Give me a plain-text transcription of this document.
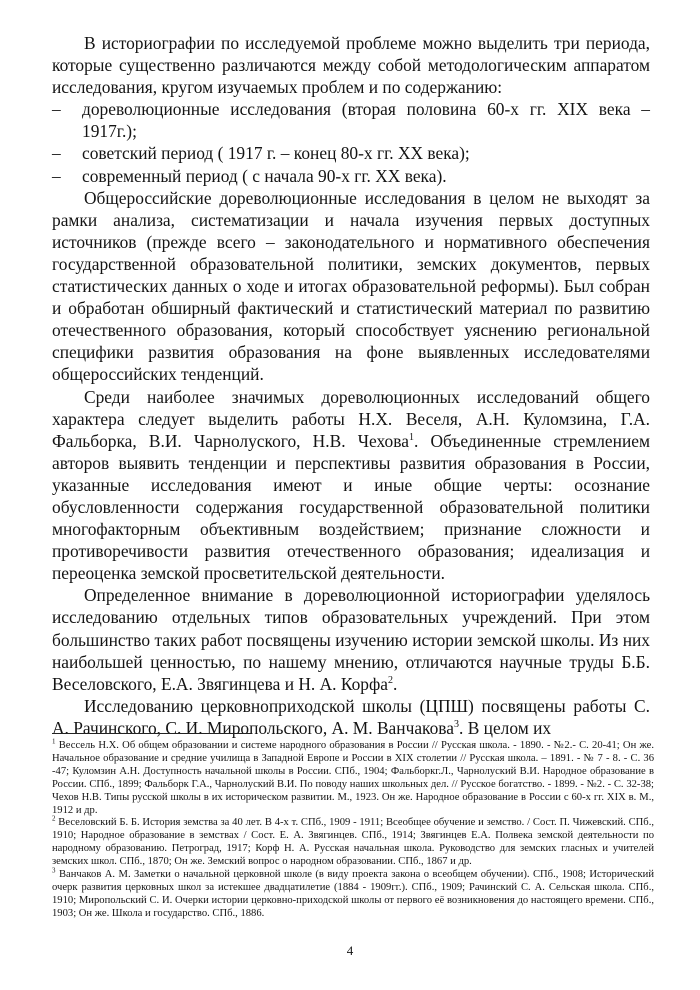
В историографии по исследуемой проблеме можно выделить три периода, которые существенно различаются между собой методологическим аппаратом исследования, кругом изучаемых проблем и по содержанию:

– дореволюционные исследования (вторая половина 60-х гг. XIX века – 1917г.);
– советский период ( 1917 г. – конец 80-х гг. XX века);
– современный период ( с начала 90-х гг. XX века).

Общероссийские дореволюционные исследования в целом не выходят за рамки анализа, систематизации и начала изучения первых доступных источников (прежде всего – законодательного и нормативного обеспечения государственной образовательной политики, земских документов, первых статистических данных о ходе и итогах образовательной реформы). Был собран и обработан обширный фактический и статистический материал по развитию отечественного образования, который способствует уяснению региональной специфики развития образования на фоне выявленных исследователями общероссийских тенденций.

Среди наиболее значимых дореволюционных исследований общего характера следует выделить работы Н.Х. Веселя, А.Н. Куломзина, Г.А. Фальборка, В.И. Чарнолуского, Н.В. Чехова$^1$. Объединенные стремлением авторов выявить тенденции и перспективы развития образования в России, указанные исследования имеют и иные общие черты: осознание обусловленности содержания государственной образовательной политики многофакторным объективным воздействием; признание сложности и противоречивости развития отечественного образования; идеализация и переоценка земской просветительской деятельности.

Определенное внимание в дореволюционной историографии уделялось исследованию отдельных типов образовательных учреждений. При этом большинство таких работ посвящены изучению истории земской школы. Из них наибольшей ценностью, по нашему мнению, отличаются научные труды Б.Б. Веселовского, Е.А. Звягинцева и Н. А. Корфа$^2$.

Исследованию церковноприходской школы (ЦПШ) посвящены работы С. А. Рачинского, С. И. Миропольского, А. М. Ванчакова$^3$. В целом их

$^1$ Вессель Н.Х. Об общем образовании и системе народного образования в России // Русская школа. - 1890. - №2.- С. 20-41; Он же. Начальное образование и средние училища в Западной Европе и России в XIX столетии // Русская школа. – 1891. - № 7 - 8. - С. 36 -47; Куломзин А.Н. Доступность начальной школы в России. СПб., 1904; Фальборкг.Л., Чарнолуский В.И. Народное образование в России. СПб., 1899; Фальборк Г.А., Чарнолуский В.И. По поводу наших школьных дел. // Русское богатство. - 1899. - №2. - С. 32-38; Чехов Н.В. Типы русской школы в их историческом развитии. М., 1923. Он же. Народное образование в России с 60-х гг. XIX в. М., 1912 и др.

$^2$ Веселовский Б. Б. История земства за 40 лет. В 4-х т. СПб., 1909 - 1911; Всеобщее обучение и земство. / Сост. П. Чижевский. СПб., 1910; Народное образование в земствах / Сост. Е. А. Звягинцев. СПб., 1914; Звягинцев Е.А. Полвека земской деятельности по народному образованию. Петроград, 1917; Корф Н. А. Русская начальная школа. Руководство для земских гласных и учителей земских школ. СПб., 1870; Он же. Земский вопрос о народном образовании. СПб., 1867 и др.

$^3$ Ванчаков А. М. Заметки о начальной церковной школе (в виду проекта закона о всеобщем обучении). СПб., 1908; Исторический очерк развития церковных школ за истекшее двадцатилетие (1884 - 1909гг.). СПб., 1909; Рачинский С. А. Сельская школа. СПб., 1910; Миропольский С. И. Очерки истории церковно-приходской школы от первого её возникновения до настоящего времени. СПб., 1903; Он же. Школа и государство. СПб., 1886.

4
